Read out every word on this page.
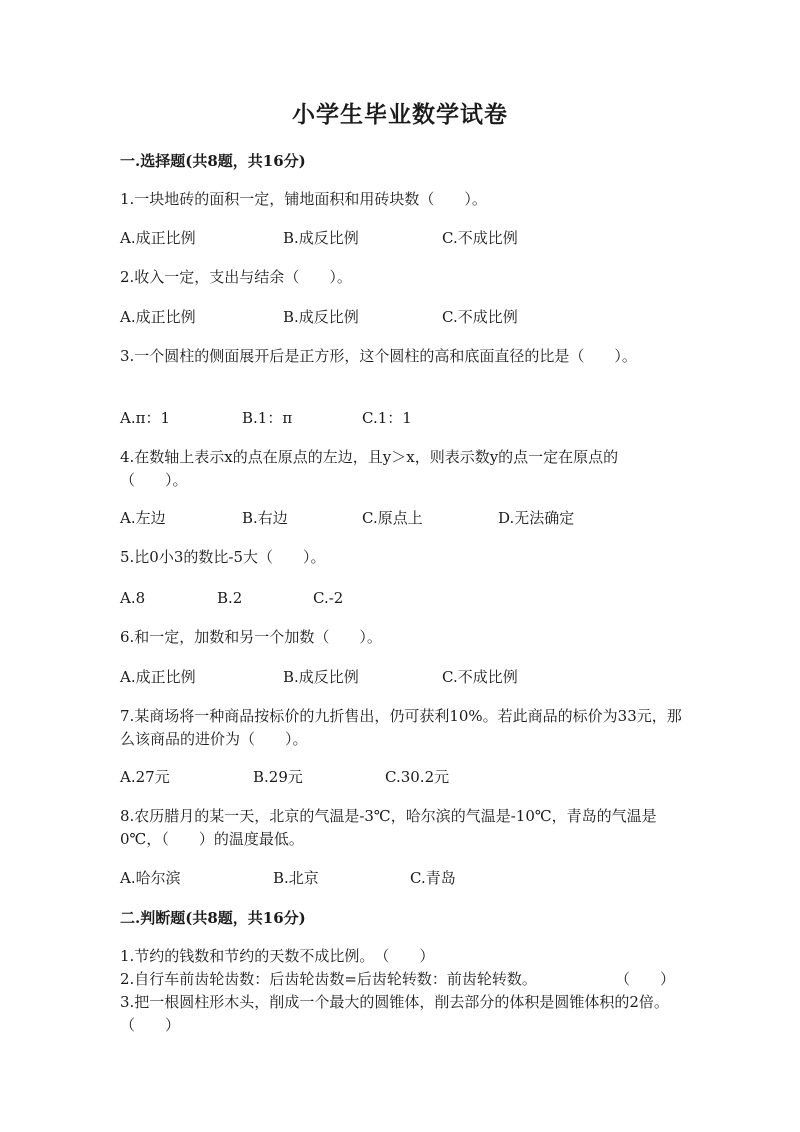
小学生毕业数学试卷
一.选择题(共8题，共16分)
1.一块地砖的面积一定，铺地面积和用砖块数（　　）。
A.成正比例	B.成反比例	C.不成比例
2.收入一定，支出与结余（　　）。
A.成正比例	B.成反比例	C.不成比例
3.一个圆柱的侧面展开后是正方形，这个圆柱的高和底面直径的比是（　　）。
A.π：1	B.1：π	C.1：1
4.在数轴上表示x的点在原点的左边，且y＞x，则表示数y的点一定在原点的（　　）。
A.左边	B.右边	C.原点上	D.无法确定
5.比0小3的数比-5大（　　）。
A.8	B.2	C.-2
6.和一定，加数和另一个加数（　　）。
A.成正比例	B.成反比例	C.不成比例
7.某商场将一种商品按标价的九折售出，仍可获利10%。若此商品的标价为33元，那么该商品的进价为（　　）。
A.27元	B.29元	C.30.2元
8.农历腊月的某一天，北京的气温是-3℃，哈尔滨的气温是-10℃，青岛的气温是0℃，（　　）的温度最低。
A.哈尔滨	B.北京	C.青岛
二.判断题(共8题，共16分)
1.节约的钱数和节约的天数不成比例。　（　　）
2.自行车前齿轮齿数：后齿轮齿数=后齿轮转数：前齿轮转数。	（　　）
3.把一根圆柱形木头，削成一个最大的圆锥体，削去部分的体积是圆锥体积的2倍。　（　　）
